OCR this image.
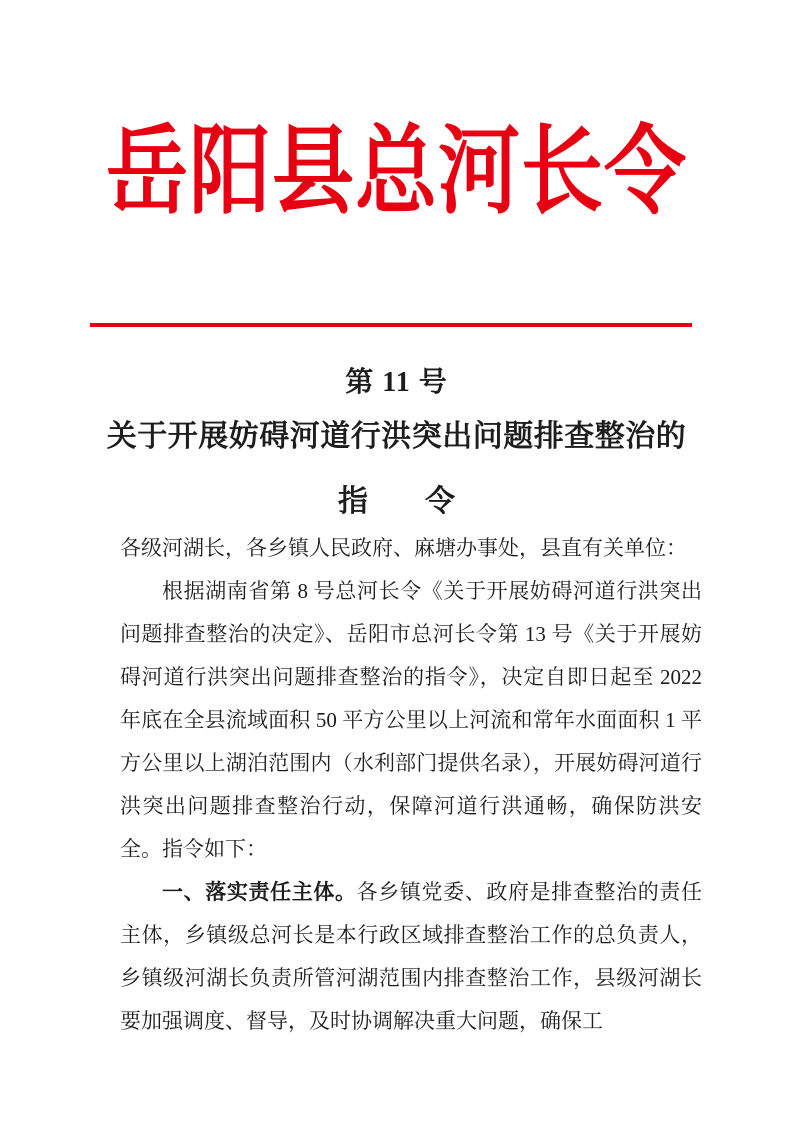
岳阳县总河长令
第 11 号
关于开展妨碍河道行洪突出问题排查整治的
指　令

各级河湖长，各乡镇人民政府、麻塘办事处，县直有关单位：

根据湖南省第 8 号总河长令《关于开展妨碍河道行洪突出问题排查整治的决定》、岳阳市总河长令第 13 号《关于开展妨碍河道行洪突出问题排查整治的指令》，决定自即日起至 2022 年底在全县流域面积 50 平方公里以上河流和常年水面面积 1 平方公里以上湖泊范围内（水利部门提供名录），开展妨碍河道行洪突出问题排查整治行动，保障河道行洪通畅，确保防洪安全。指令如下：

一、落实责任主体。各乡镇党委、政府是排查整治的责任主体，乡镇级总河长是本行政区域排查整治工作的总负责人，乡镇级河湖长负责所管河湖范围内排查整治工作，县级河湖长要加强调度、督导，及时协调解决重大问题，确保工
